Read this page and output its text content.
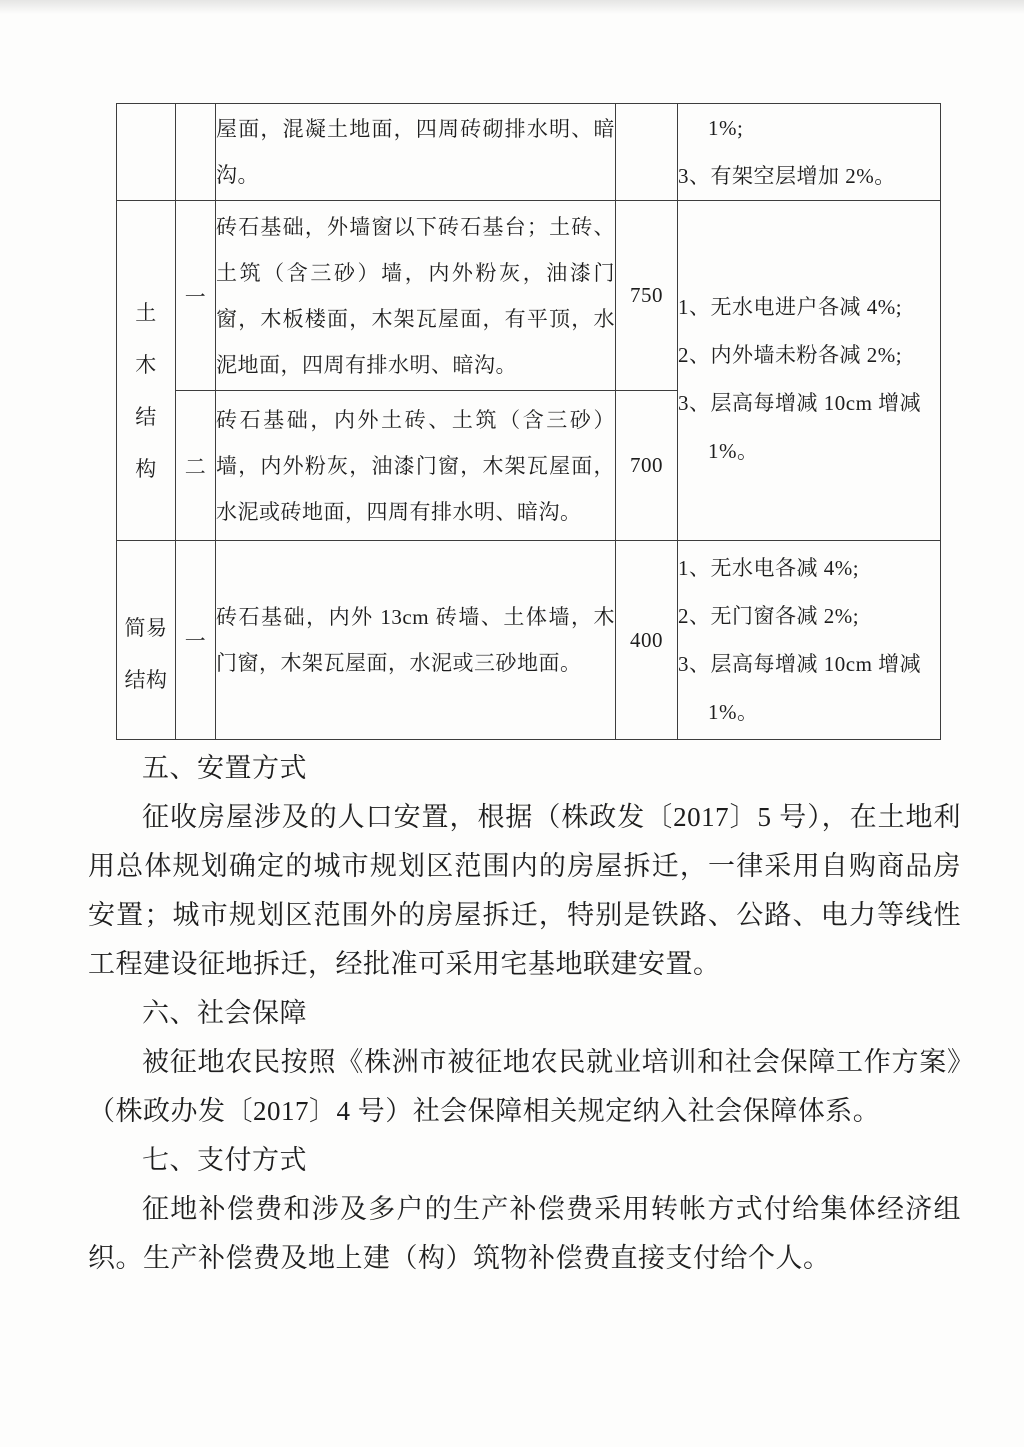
		屋面，混凝土地面，四周砖砌排水明、暗沟。		1%;
3、有架空层增加 2%。

土木结构	一	砖石基础，外墙窗以下砖石基台；土砖、土筑（含三砂）墙，内外粉灰，油漆门窗，木板楼面，木架瓦屋面，有平顶，水泥地面，四周有排水明、暗沟。	750	1、无水电进户各减 4%;
2、内外墙未粉各减 2%;
3、层高每增减 10cm 增减
1%。

	二	砖石基础，内外土砖、土筑（含三砂）墙，内外粉灰，油漆门窗，木架瓦屋面，水泥或砖地面，四周有排水明、暗沟。	700	

简易结构	一	砖石基础，内外 13cm 砖墙、土体墙，木门窗，木架瓦屋面，水泥或三砂地面。	400	1、无水电各减 4%;
2、无门窗各减 2%;
3、层高每增减 10cm 增减
1%。

五、安置方式

征收房屋涉及的人口安置，根据（株政发〔2017〕5 号），在土地利用总体规划确定的城市规划区范围内的房屋拆迁，一律采用自购商品房安置；城市规划区范围外的房屋拆迁，特别是铁路、公路、电力等线性工程建设征地拆迁，经批准可采用宅基地联建安置。

六、社会保障

被征地农民按照《株洲市被征地农民就业培训和社会保障工作方案》（株政办发〔2017〕4 号）社会保障相关规定纳入社会保障体系。

七、支付方式

征地补偿费和涉及多户的生产补偿费采用转帐方式付给集体经济组织。生产补偿费及地上建（构）筑物补偿费直接支付给个人。
